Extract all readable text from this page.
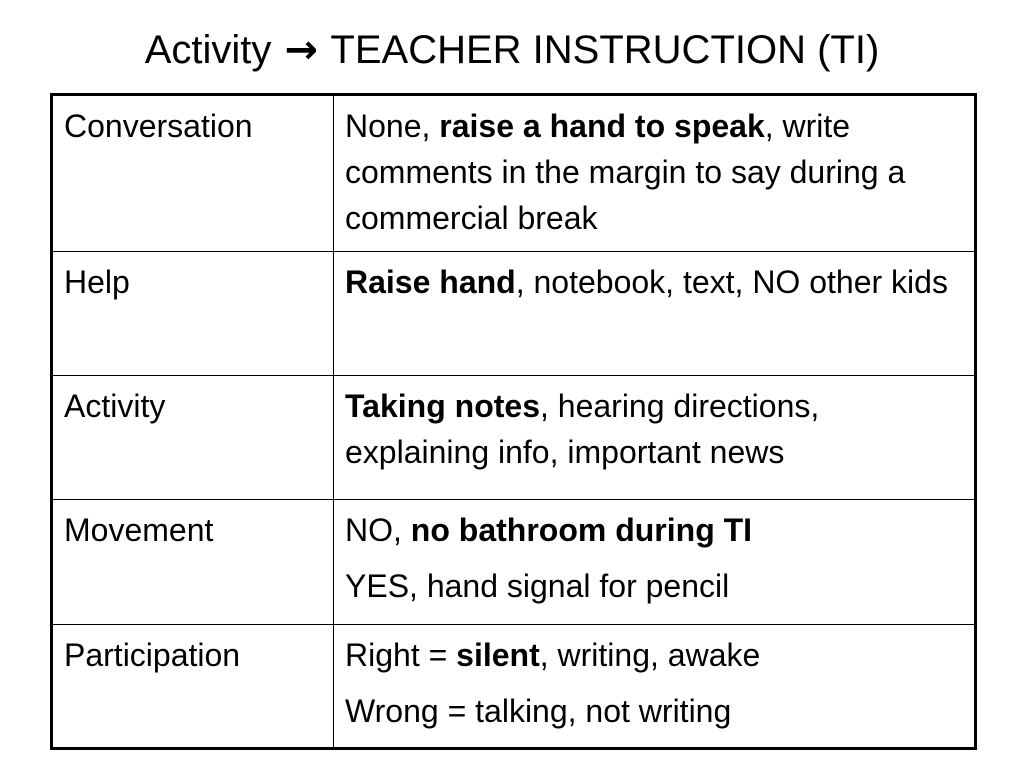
Activity → TEACHER INSTRUCTION (TI)
Conversation	None, raise a hand to speak, write comments in the margin to say during a commercial break

Help	Raise hand, notebook, text, NO other kids

Activity	Taking notes, hearing directions, explaining info, important news

Movement	NO, no bathroom during TI
YES, hand signal for pencil

Participation	Right = silent, writing, awake
Wrong = talking, not writing
